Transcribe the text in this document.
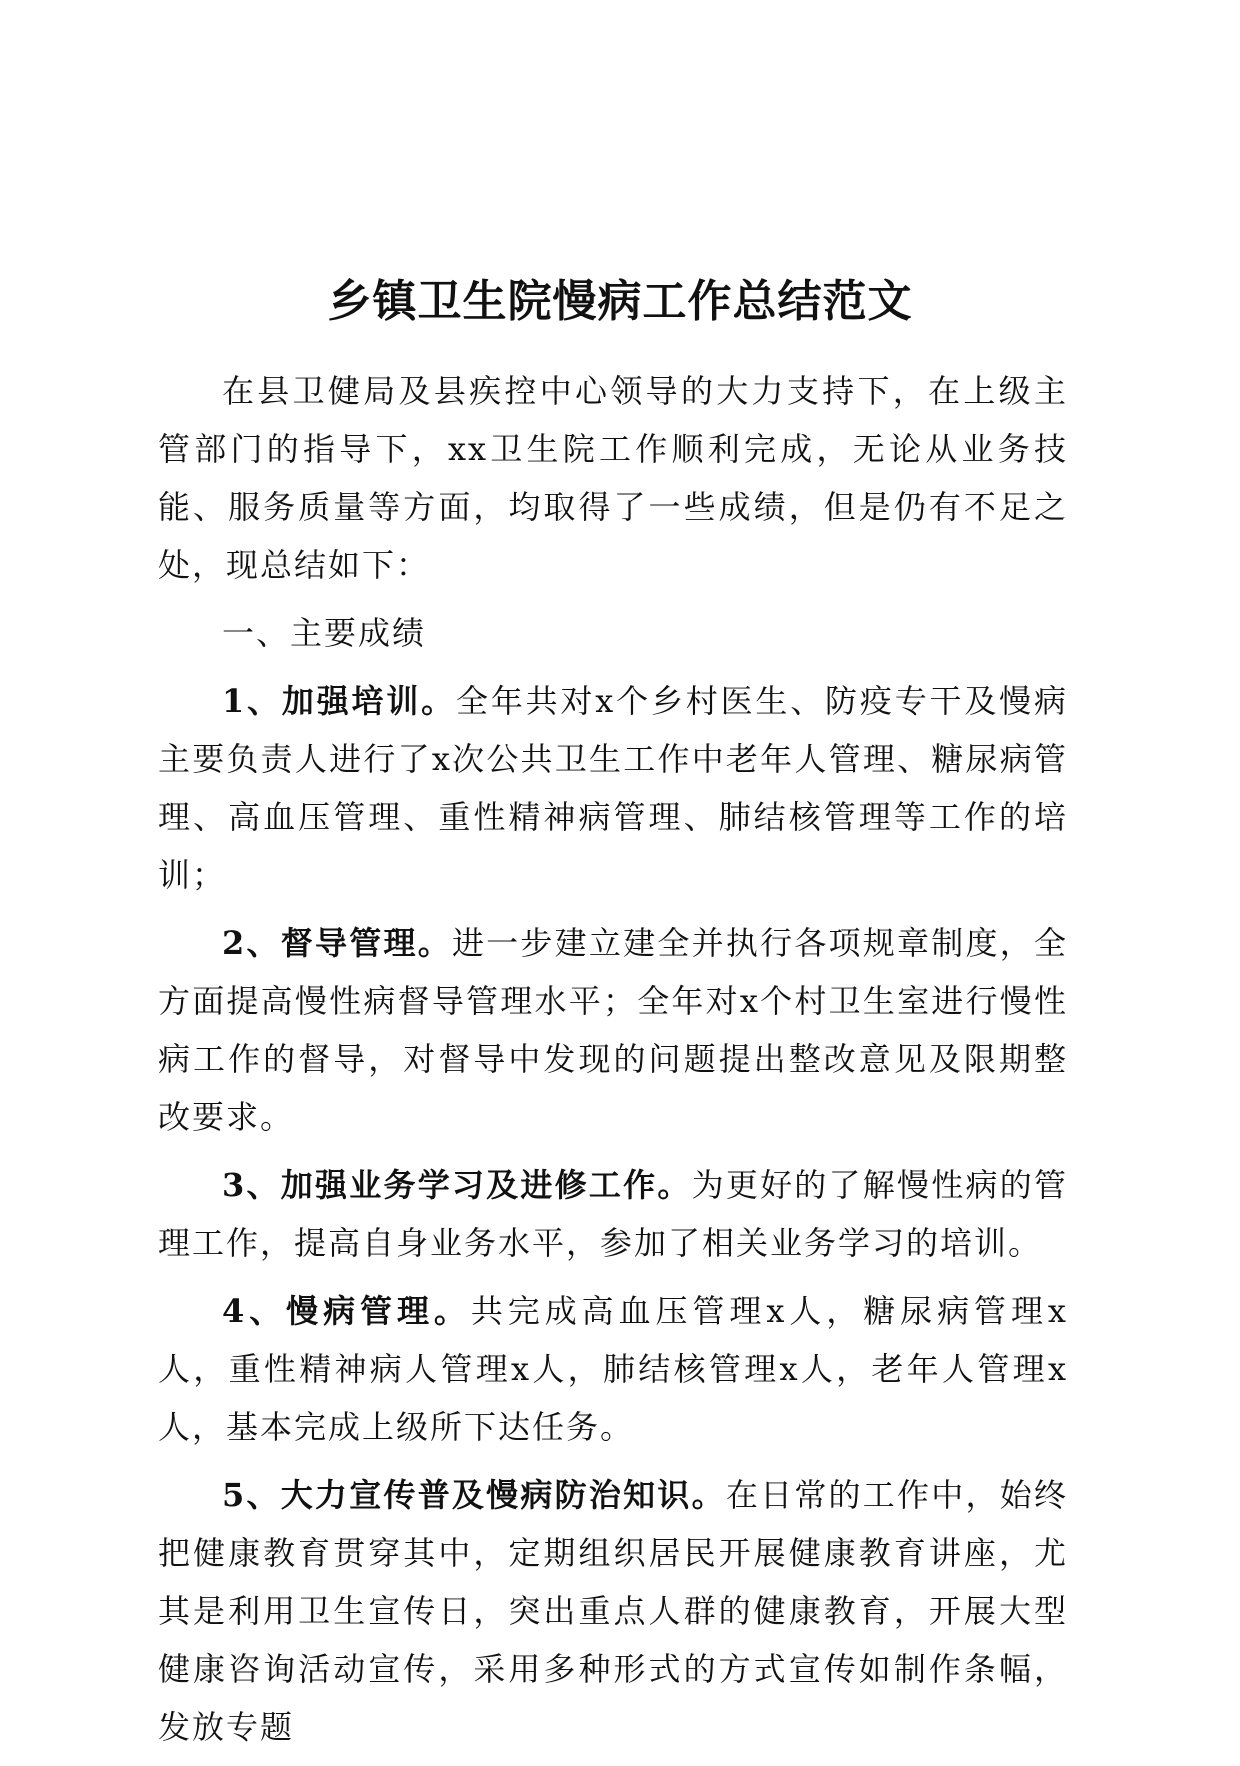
乡镇卫生院慢病工作总结范文

在县卫健局及县疾控中心领导的大力支持下，在上级主管部门的指导下，xx卫生院工作顺利完成，无论从业务技能、服务质量等方面，均取得了一些成绩，但是仍有不足之处，现总结如下：

一、主要成绩

1、加强培训。全年共对x个乡村医生、防疫专干及慢病主要负责人进行了x次公共卫生工作中老年人管理、糖尿病管理、高血压管理、重性精神病管理、肺结核管理等工作的培训；

2、督导管理。进一步建立建全并执行各项规章制度，全方面提高慢性病督导管理水平；全年对x个村卫生室进行慢性病工作的督导，对督导中发现的问题提出整改意见及限期整改要求。

3、加强业务学习及进修工作。为更好的了解慢性病的管理工作，提高自身业务水平，参加了相关业务学习的培训。

4、慢病管理。共完成高血压管理x人，糖尿病管理x人，重性精神病人管理x人，肺结核管理x人，老年人管理x人，基本完成上级所下达任务。

5、大力宣传普及慢病防治知识。在日常的工作中，始终把健康教育贯穿其中，定期组织居民开展健康教育讲座，尤其是利用卫生宣传日，突出重点人群的健康教育，开展大型健康咨询活动宣传，采用多种形式的方式宣传如制作条幅，发放专题
